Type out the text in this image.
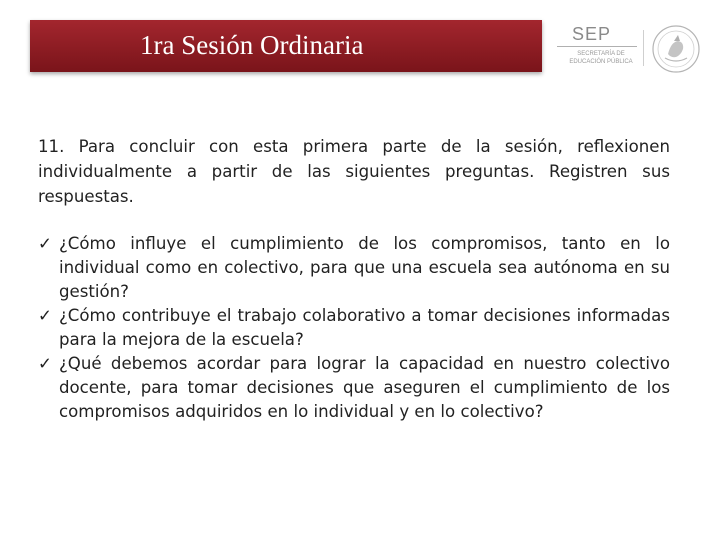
1ra Sesión Ordinaria	SEP
SECRETARÍA DE EDUCACIÓN PÚBLICA

11. Para concluir con esta primera parte de la sesión, reflexionen individualmente a partir de las siguientes preguntas. Registren sus respuestas.

✓ ¿Cómo influye el cumplimiento de los compromisos, tanto en lo individual como en colectivo, para que una escuela sea autónoma en su gestión?
✓ ¿Cómo contribuye el trabajo colaborativo a tomar decisiones informadas para la mejora de la escuela?
✓ ¿Qué debemos acordar para lograr la capacidad en nuestro colectivo docente, para tomar decisiones que aseguren el cumplimiento de los compromisos adquiridos en lo individual y en lo colectivo?
